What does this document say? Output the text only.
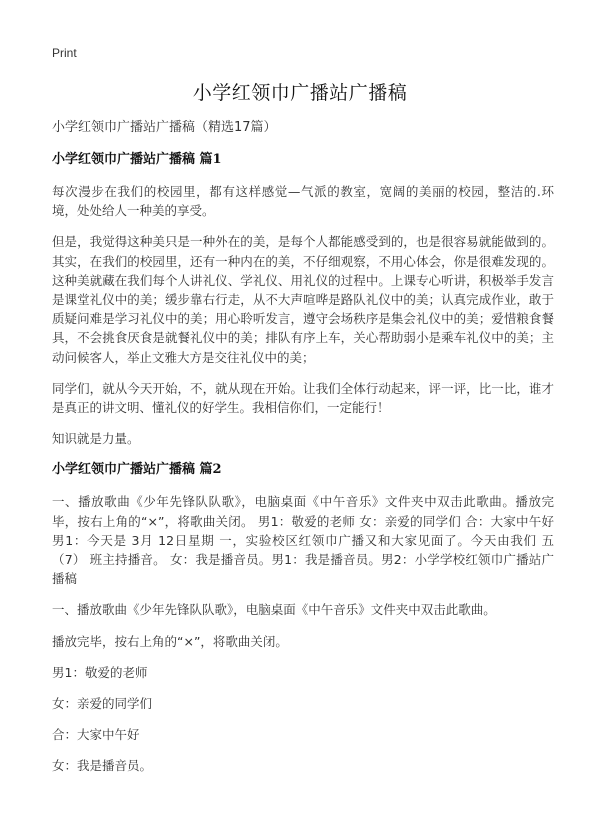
Print
小学红领巾广播站广播稿

小学红领巾广播站广播稿（精选17篇）

小学红领巾广播站广播稿 篇1

每次漫步在我们的校园里，都有这样感觉—气派的教室，宽阔的美丽的校园，整洁的.环境，处处给人一种美的享受。

但是，我觉得这种美只是一种外在的美，是每个人都能感受到的，也是很容易就能做到的。其实，在我们的校园里，还有一种内在的美，不仔细观察，不用心体会，你是很难发现的。这种美就藏在我们每个人讲礼仪、学礼仪、用礼仪的过程中。上课专心听讲，积极举手发言是课堂礼仪中的美；缓步靠右行走，从不大声喧哗是路队礼仪中的美；认真完成作业，敢于质疑问难是学习礼仪中的美；用心聆听发言，遵守会场秩序是集会礼仪中的美；爱惜粮食餐具，不会挑食厌食是就餐礼仪中的美；排队有序上车，关心帮助弱小是乘车礼仪中的美；主动问候客人，举止文雅大方是交往礼仪中的美；

同学们，就从今天开始，不，就从现在开始。让我们全体行动起来，评一评，比一比，谁才是真正的讲文明、懂礼仪的好学生。我相信你们，一定能行！

知识就是力量。

小学红领巾广播站广播稿 篇2

一、播放歌曲《少年先锋队队歌》，电脑桌面《中午音乐》文件夹中双击此歌曲。播放完毕，按右上角的“×”，将歌曲关闭。 男1：敬爱的老师 女：亲爱的同学们 合：大家中午好 男1：今天是 3月 12日星期 一，实验校区红领巾广播又和大家见面了。今天由我们 五（7） 班主持播音。 女：我是播音员。男1：我是播音员。男2：小学学校红领巾广播站广播稿

一、播放歌曲《少年先锋队队歌》，电脑桌面《中午音乐》文件夹中双击此歌曲。

播放完毕，按右上角的“×”，将歌曲关闭。

男1：敬爱的老师

女：亲爱的同学们

合：大家中午好

女：我是播音员。
